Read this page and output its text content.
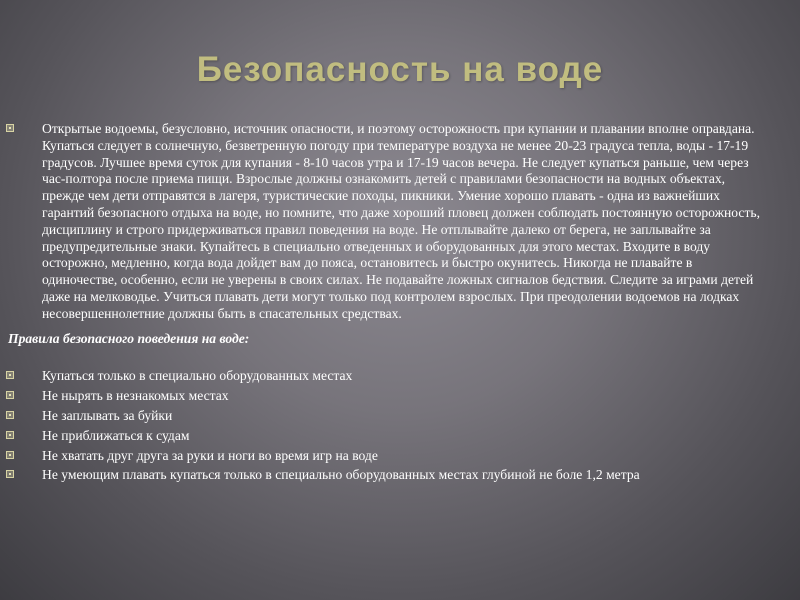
Безопасность на воде
Открытые водоемы, безусловно, источник опасности, и поэтому осторожность при купании и плавании вполне оправдана. Купаться следует в солнечную, безветренную погоду при температуре воздуха не менее 20-23 градуса тепла, воды - 17-19 градусов. Лучшее время суток для купания - 8-10 часов утра и 17-19 часов вечера. Не следует купаться раньше, чем через час-полтора после приема пищи. Взрослые должны ознакомить детей с правилами безопасности на водных объектах, прежде чем дети отправятся в лагеря, туристические походы, пикники. Умение хорошо плавать - одна из важнейших гарантий безопасного отдыха на воде, но помните, что даже хороший пловец должен соблюдать постоянную осторожность, дисциплину и строго придерживаться правил поведения на воде. Не отплывайте далеко от берега, не заплывайте за предупредительные знаки. Купайтесь в специально отведенных и оборудованных для этого местах. Входите в воду осторожно, медленно, когда вода дойдет вам до пояса, остановитесь и быстро окунитесь. Никогда не плавайте в одиночестве, особенно, если не уверены в своих силах. Не подавайте ложных сигналов бедствия. Следите за играми детей даже на мелководье. Учиться плавать дети могут только под контролем взрослых. При преодолении водоемов на лодках несовершеннолетние должны быть в спасательных средствах.
Правила безопасного поведения на воде:
Купаться только в специально оборудованных местах
Не нырять в незнакомых местах
Не заплывать за буйки
Не приближаться к судам
Не хватать друг друга за руки и ноги во время игр на воде
Не умеющим плавать купаться только в специально оборудованных местах глубиной не боле 1,2 метра
